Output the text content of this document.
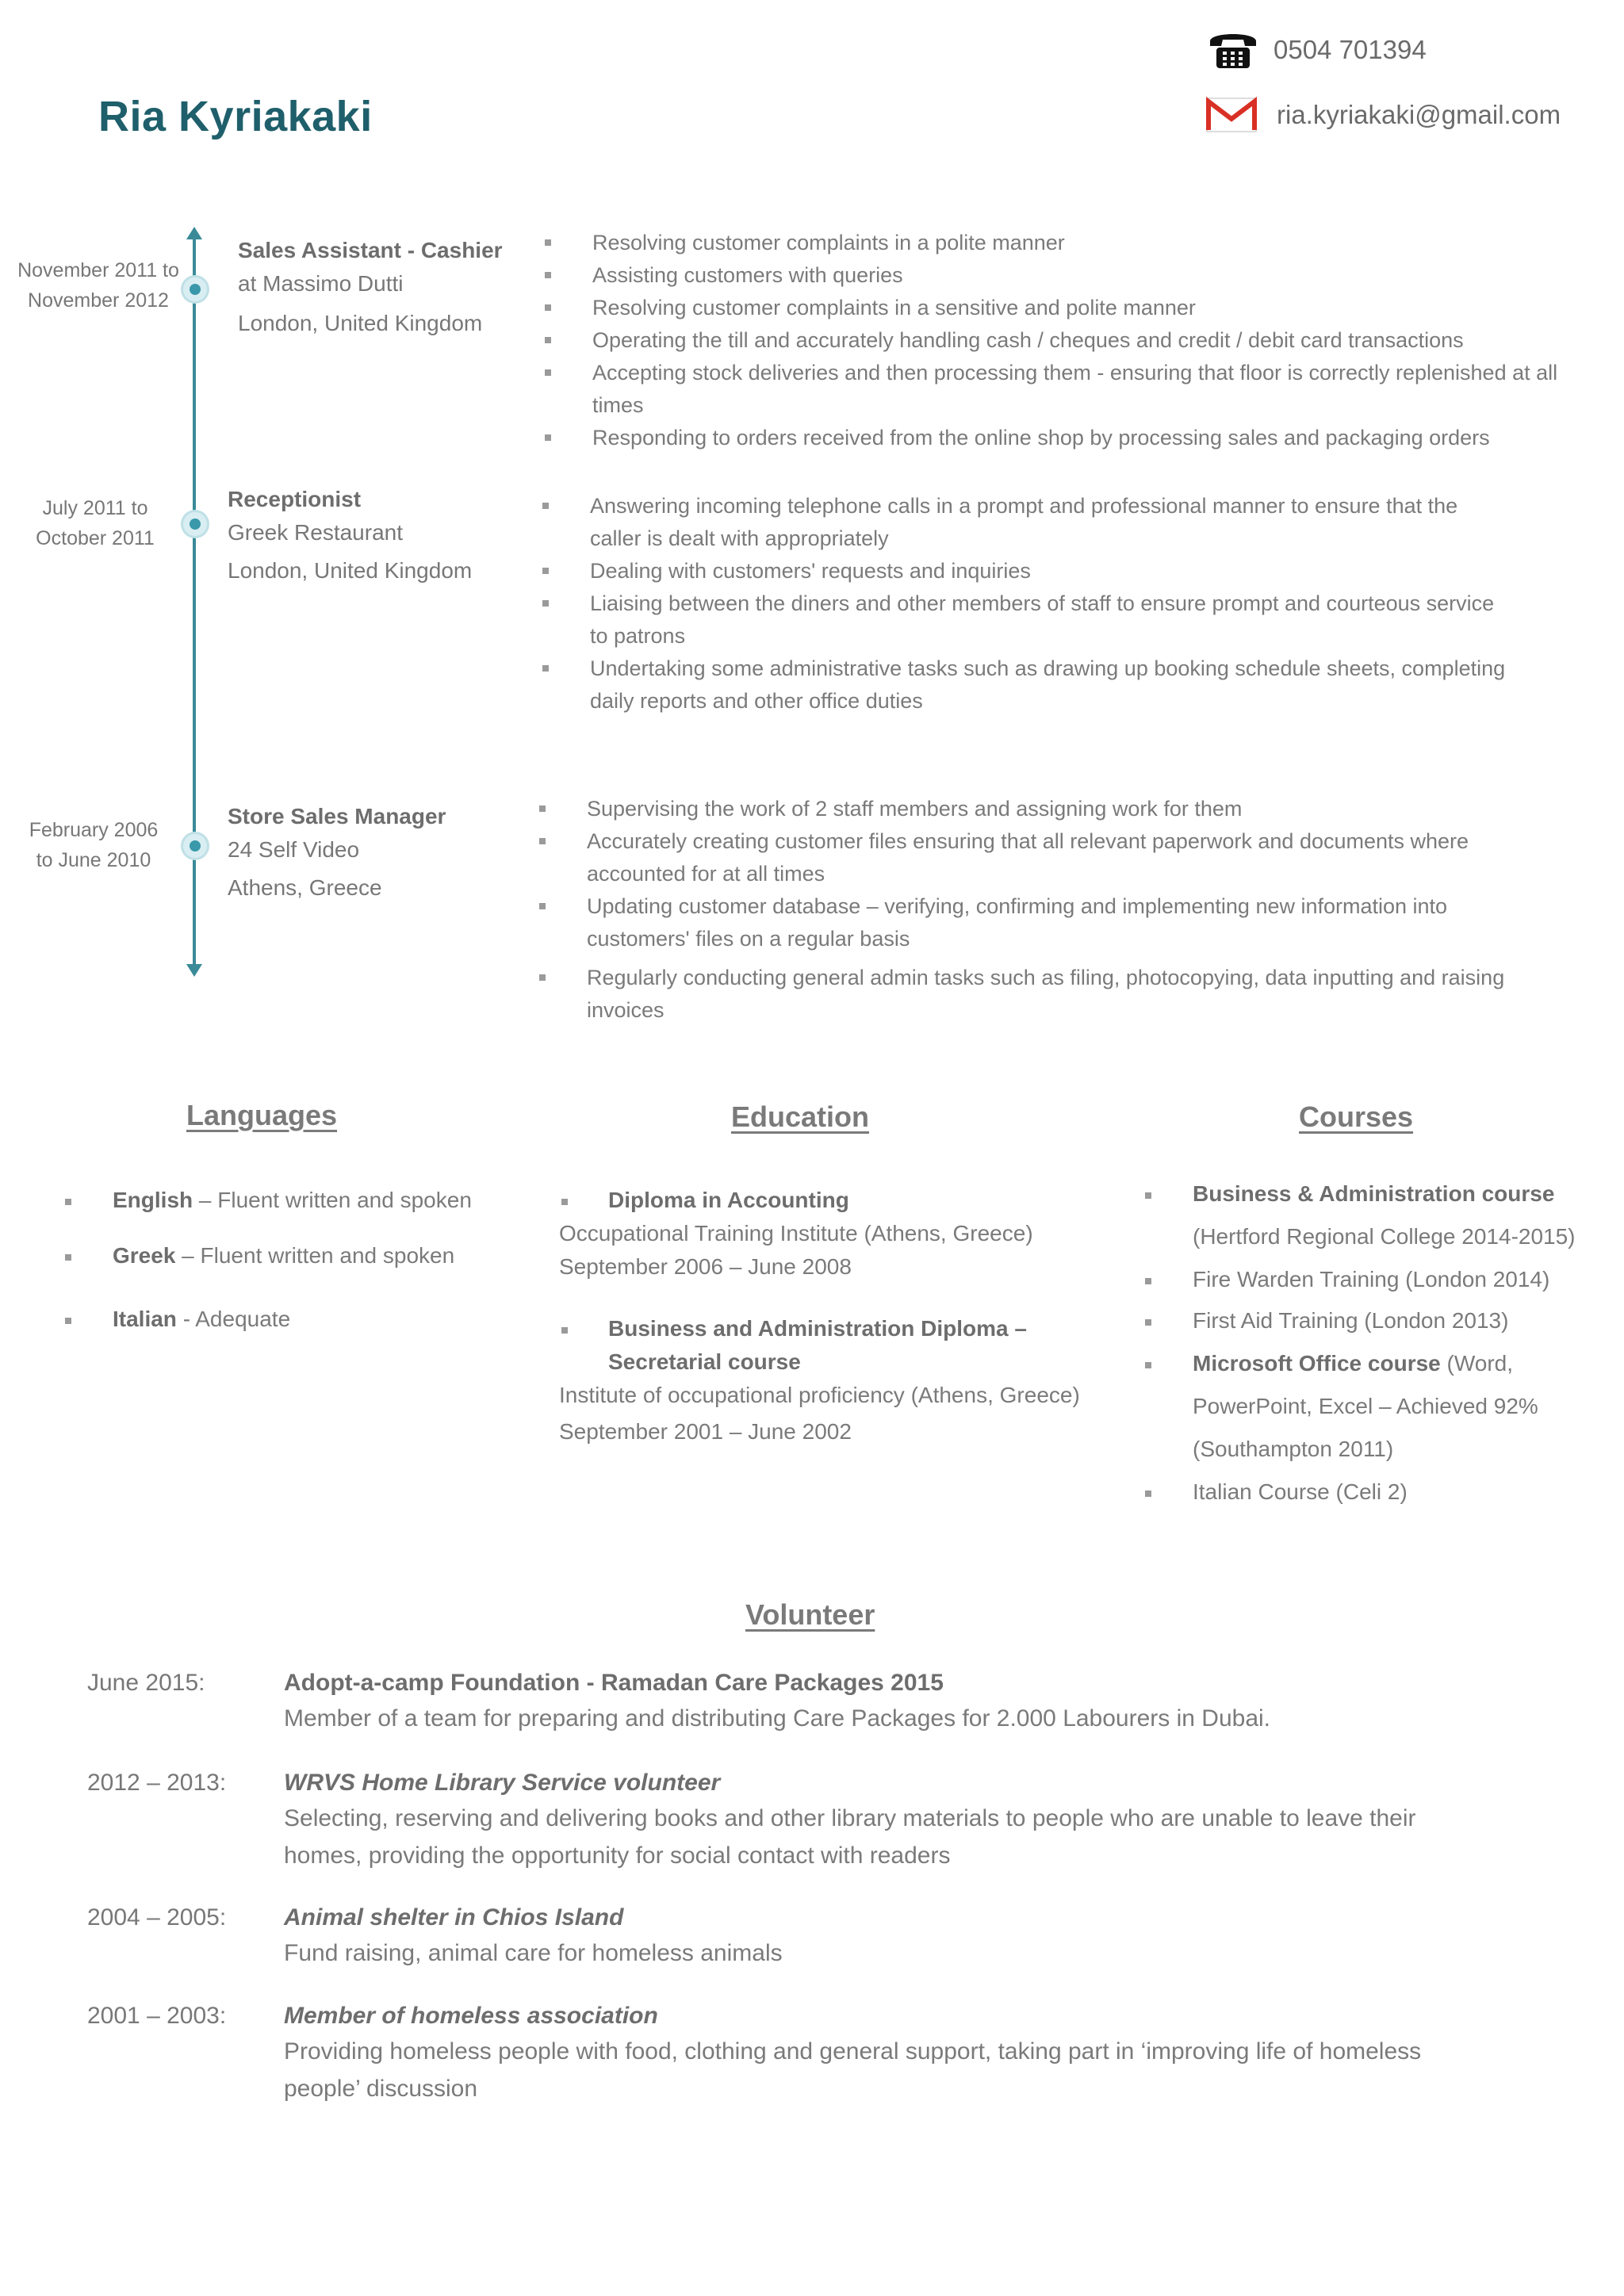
Ria Kyriakaki
0504 701394
ria.kyriakaki@gmail.com
November 2011 to
November 2012
Sales Assistant - Cashier
at Massimo Dutti
London, United Kingdom
Resolving customer complaints in a polite manner
Assisting customers with queries
Resolving customer complaints in a sensitive and polite manner
Operating the till and accurately handling cash / cheques and credit / debit card transactions
Accepting stock deliveries and then processing them - ensuring that floor is correctly replenished at all times
Responding to orders received from the online shop by processing sales and packaging orders
July 2011 to
October 2011
Receptionist
Greek Restaurant
London, United Kingdom
Answering incoming telephone calls in a prompt and professional manner to ensure that the caller is dealt with appropriately
Dealing with customers' requests and inquiries
Liaising between the diners and other members of staff to ensure prompt and courteous service to patrons
Undertaking some administrative tasks such as drawing up booking schedule sheets, completing daily reports and other office duties
February 2006
to June 2010
Store Sales Manager
24 Self Video
Athens, Greece
Supervising the work of 2 staff members and assigning work for them
Accurately creating customer files ensuring that all relevant paperwork and documents where accounted for at all times
Updating customer database – verifying, confirming and implementing new information into customers' files on a regular basis
Regularly conducting general admin tasks such as filing, photocopying, data inputting and raising invoices
Languages
English – Fluent written and spoken
Greek – Fluent written and spoken
Italian - Adequate
Education
Diploma in Accounting
Occupational Training Institute (Athens, Greece)
September 2006 – June 2008
Business and Administration Diploma –
Secretarial course
Institute of occupational proficiency (Athens, Greece)
September 2001 – June 2002
Courses
Business & Administration course
(Hertford Regional College 2014-2015)
Fire Warden Training (London 2014)
First Aid Training (London 2013)
Microsoft Office course (Word,
PowerPoint, Excel – Achieved 92%
(Southampton 2011)
Italian Course (Celi 2)
Volunteer
June 2015:	Adopt-a-camp Foundation - Ramadan Care Packages 2015
Member of a team for preparing and distributing Care Packages for 2.000 Labourers in Dubai.
2012 – 2013: WRVS Home Library Service volunteer
Selecting, reserving and delivering books and other library materials to people who are unable to leave their homes, providing the opportunity for social contact with readers
2004 – 2005: Animal shelter in Chios Island
Fund raising, animal care for homeless animals
2001 – 2003: Member of homeless association
Providing homeless people with food, clothing and general support, taking part in ‘improving life of homeless people’ discussion
